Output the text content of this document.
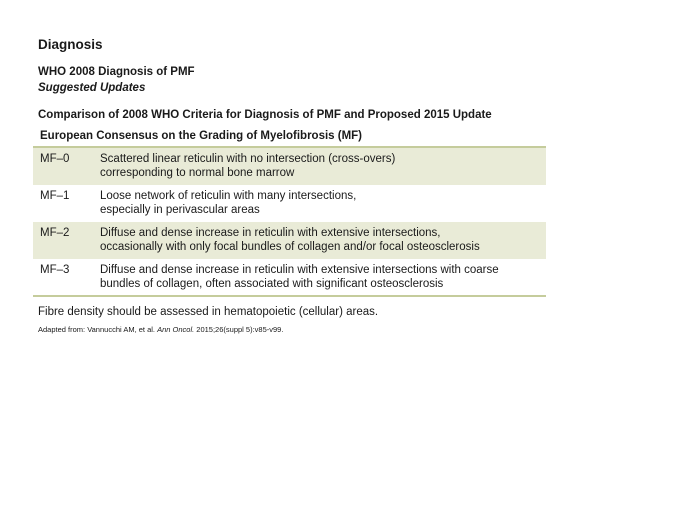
Diagnosis

WHO 2008 Diagnosis of PMF

Suggested Updates

Comparison of 2008 WHO Criteria for Diagnosis of PMF and Proposed 2015 Update

European Consensus on the Grading of Myelofibrosis (MF)
MF–0	Scattered linear reticulin with no intersection (cross-overs)
corresponding to normal bone marrow

MF–1	Loose network of reticulin with many intersections,
especially in perivascular areas

MF–2	Diffuse and dense increase in reticulin with extensive intersections,
occasionally with only focal bundles of collagen and/or focal osteosclerosis

MF–3	Diffuse and dense increase in reticulin with extensive intersections with coarse
bundles of collagen, often associated with significant osteosclerosis

Fibre density should be assessed in hematopoietic (cellular) areas.

Adapted from: Vannucchi AM, et al. Ann Oncol. 2015;26(suppl 5):v85-v99.
